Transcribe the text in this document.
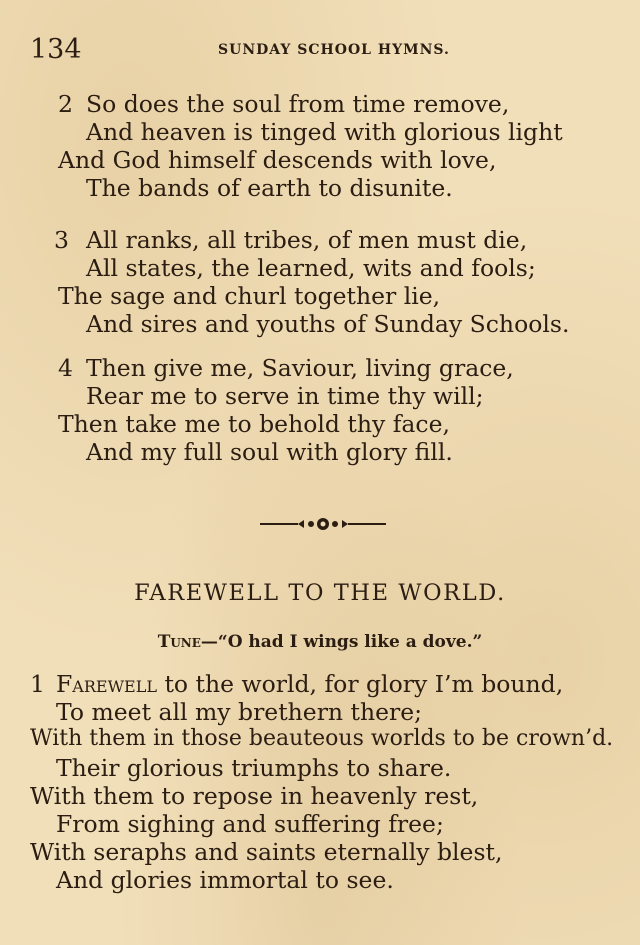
134	SUNDAY SCHOOL HYMNS.
2 So does the soul from time remove,
And heaven is tinged with glorious light
And God himself descends with love,
The bands of earth to disunite.
3 All ranks, all tribes, of men must die,
All states, the learned, wits and fools;
The sage and churl together lie,
And sires and youths of Sunday Schools.
4 Then give me, Saviour, living grace,
Rear me to serve in time thy will;
Then take me to behold thy face,
And my full soul with glory fill.
FAREWELL TO THE WORLD.
Tune—“O had I wings like a dove.”
1 Farewell to the world, for glory I’m bound,
To meet all my brethern there;
With them in those beauteous worlds to be crown’d.
Their glorious triumphs to share.
With them to repose in heavenly rest,
From sighing and suffering free;
With seraphs and saints eternally blest,
And glories immortal to see.
